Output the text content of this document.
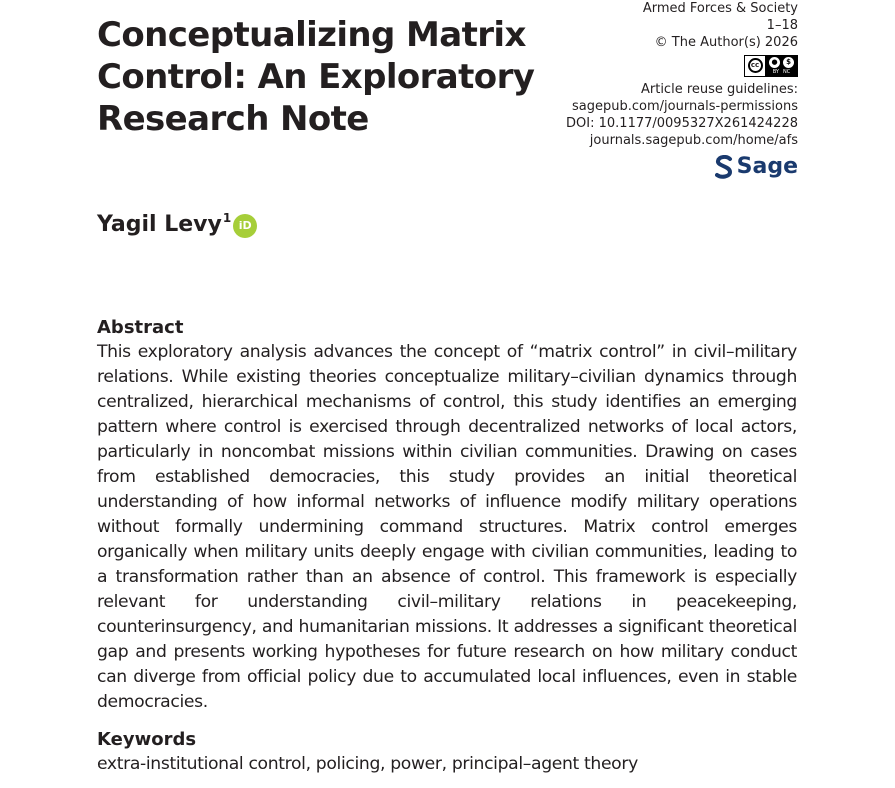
Conceptualizing Matrix
Control: An Exploratory
Research Note
Armed Forces & Society
1–18
© The Author(s) 2026
cc	●	$
BY NC
Article reuse guidelines:
sagepub.com/journals-permissions
DOI: 10.1177/0095327X261424228
journals.sagepub.com/home/afs
Sage
Yagil Levy$^1$
iD
Abstract

This exploratory analysis advances the concept of “matrix control” in civil–military relations. While existing theories conceptualize military–civilian dynamics through centralized, hierarchical mechanisms of control, this study identifies an emerging pattern where control is exercised through decentralized networks of local actors, particularly in noncombat missions within civilian communities. Drawing on cases from established democracies, this study provides an initial theoretical understanding of how informal networks of influence modify military operations without formally undermining command structures. Matrix control emerges organically when military units deeply engage with civilian communities, leading to a transformation rather than an absence of control. This framework is especially relevant for understanding civil–military relations in peacekeeping, counterinsurgency, and humanitarian missions. It addresses a significant theoretical gap and presents working hypotheses for future research on how military conduct can diverge from official policy due to accumulated local influences, even in stable democracies.

Keywords
extra-institutional control, policing, power, principal–agent theory
